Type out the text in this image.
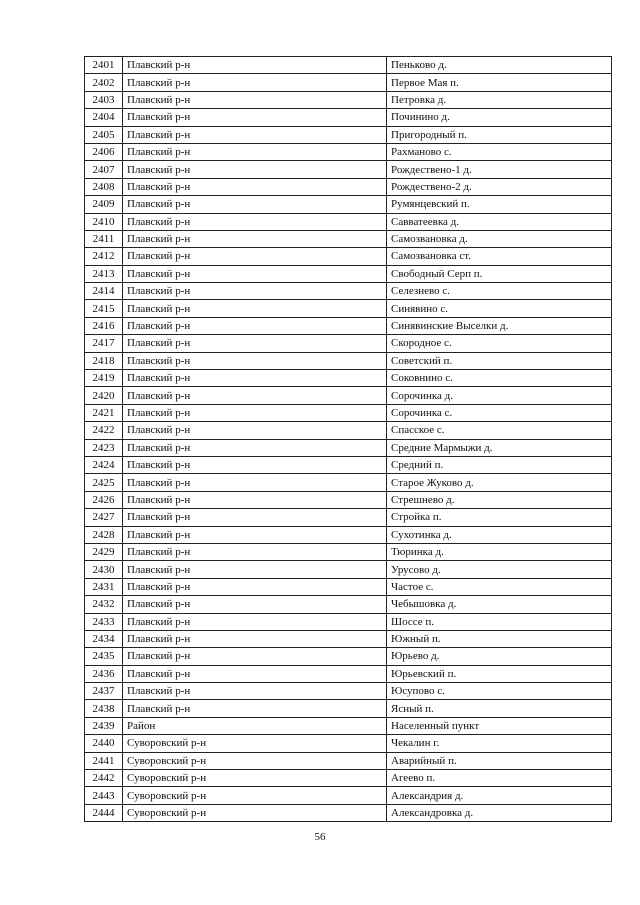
2401	Плавский р-н	Пеньково д.
2402	Плавский р-н	Первое Мая п.
2403	Плавский р-н	Петровка д.
2404	Плавский р-н	Починино д.
2405	Плавский р-н	Пригородный п.
2406	Плавский р-н	Рахманово с.
2407	Плавский р-н	Рождествено-1 д.
2408	Плавский р-н	Рождествено-2 д.
2409	Плавский р-н	Румянцевский п.
2410	Плавский р-н	Савватеевка д.
2411	Плавский р-н	Самозвановка д.
2412	Плавский р-н	Самозвановка ст.
2413	Плавский р-н	Свободный Серп п.
2414	Плавский р-н	Селезнево с.
2415	Плавский р-н	Синявино с.
2416	Плавский р-н	Синявинские Выселки д.
2417	Плавский р-н	Скородное с.
2418	Плавский р-н	Советский п.
2419	Плавский р-н	Соковнино с.
2420	Плавский р-н	Сорочинка д.
2421	Плавский р-н	Сорочинка с.
2422	Плавский р-н	Спасское с.
2423	Плавский р-н	Средние Мармыжи д.
2424	Плавский р-н	Средний п.
2425	Плавский р-н	Старое Жуково д.
2426	Плавский р-н	Стрешнево д.
2427	Плавский р-н	Стройка п.
2428	Плавский р-н	Сухотинка д.
2429	Плавский р-н	Тюринка д.
2430	Плавский р-н	Урусово д.
2431	Плавский р-н	Частое с.
2432	Плавский р-н	Чебышовка д.
2433	Плавский р-н	Шоссе п.
2434	Плавский р-н	Южный п.
2435	Плавский р-н	Юрьево д.
2436	Плавский р-н	Юрьевский п.
2437	Плавский р-н	Юсупово с.
2438	Плавский р-н	Ясный п.
2439	Район	Населенный пункт
2440	Суворовский р-н	Чекалин г.
2441	Суворовский р-н	Аварийный п.
2442	Суворовский р-н	Агеево п.
2443	Суворовский р-н	Александрия д.
2444	Суворовский р-н	Александровка д.
56
